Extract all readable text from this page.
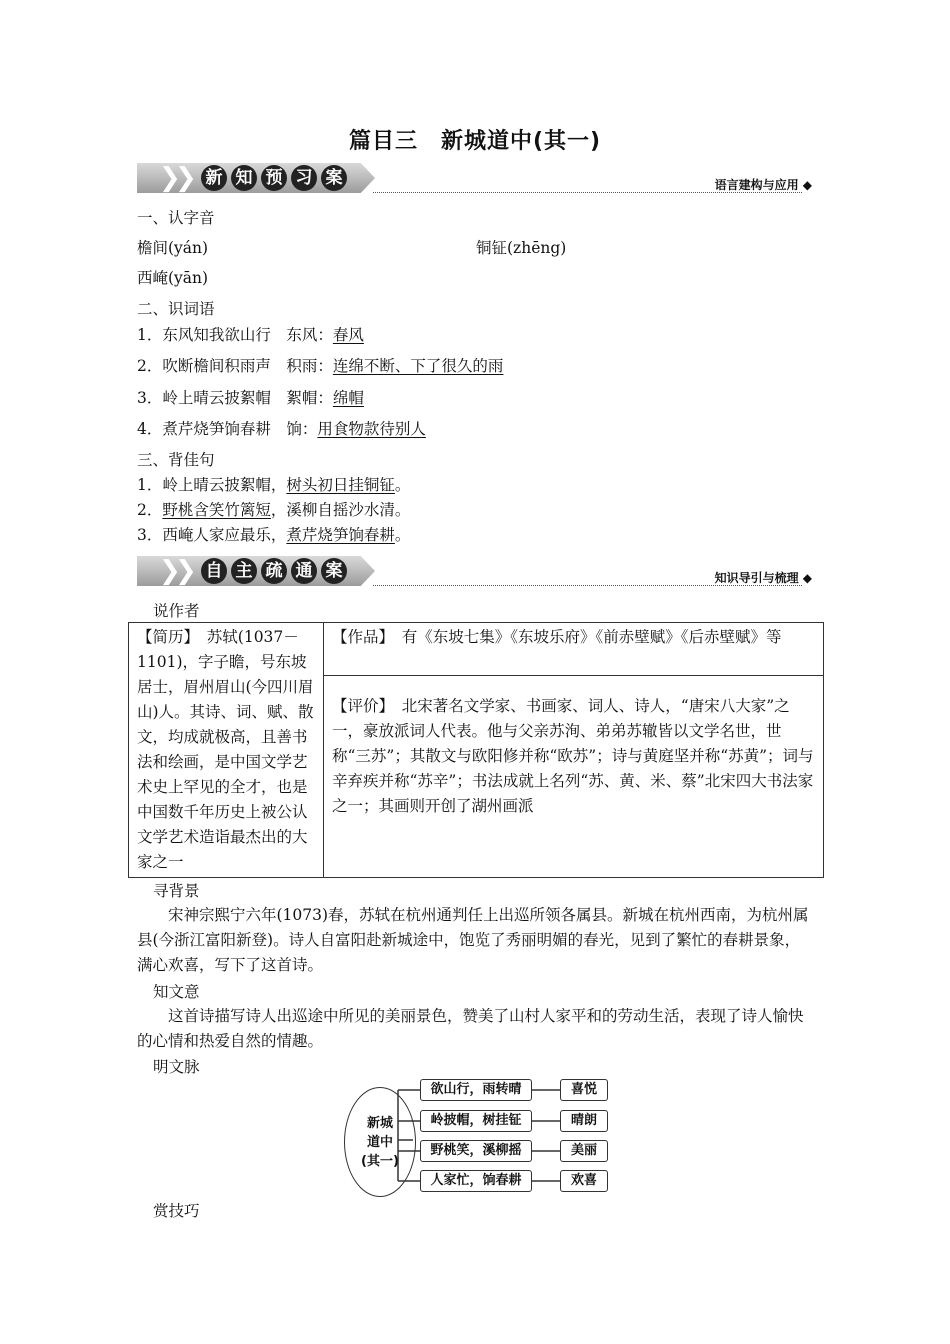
篇目三　新城道中(其一)
❯
❯ 新 知 预 习 案	语言建构与应用 ◆
一、认字音
檐间(yán)	铜钲(zhēng)
西崦(yān)
二、识词语
1．东风知我欲山行　 东风：春风
2．吹断檐间积雨声　 积雨：连绵不断、下了很久的雨
3．岭上晴云披絮帽　 絮帽：绵帽
4．煮芹烧笋饷春耕　 饷：用食物款待别人
三、背佳句
1．岭上晴云披絮帽，树头初日挂铜钲。
2．野桃含笑竹篱短，溪柳自摇沙水清。
3．西崦人家应最乐，煮芹烧笋饷春耕。
❯
❯ 自 主 疏 通 案	知识导引与梳理 ◆
说作者
【简历】　 苏轼(1037－1101)，字子瞻，号东坡居士，眉州眉山(今四川眉山)人。其诗、词、赋、散文，均成就极高，且善书法和绘画，是中国文学艺术史上罕见的全才，也是中国数千年历史上被公认文学艺术造诣最杰出的大家之一	【作品】　 有《东坡七集》《东坡乐府》《前赤壁赋》《后赤壁赋》等
【评价】　 北宋著名文学家、书画家、词人、诗人，“唐宋八大家”之一，豪放派词人代表。他与父亲苏洵、弟弟苏辙皆以文学名世，世称“三苏”；其散文与欧阳修并称“欧苏”；诗与黄庭坚并称“苏黄”；词与辛弃疾并称“苏辛”；书法成就上名列“苏、黄、米、蔡”北宋四大书法家之一；其画则开创了湖州画派
寻背景
宋神宗熙宁六年(1073)春，苏轼在杭州通判任上出巡所领各属县。新城在杭州西南，为杭州属县(今浙江富阳新登)。诗人自富阳赴新城途中，饱览了秀丽明媚的春光，见到了繁忙的春耕景象，满心欢喜，写下了这首诗。
知文意
这首诗描写诗人出巡途中所见的美丽景色，赞美了山村人家平和的劳动生活，表现了诗人愉快的心情和热爱自然的情趣。
明文脉
新城
道中
(其一)
欲山行，雨转晴
岭披帽，树挂钲
野桃笑，溪柳摇
人家忙，饷春耕
喜悦
晴朗
美丽
欢喜
赏技巧
